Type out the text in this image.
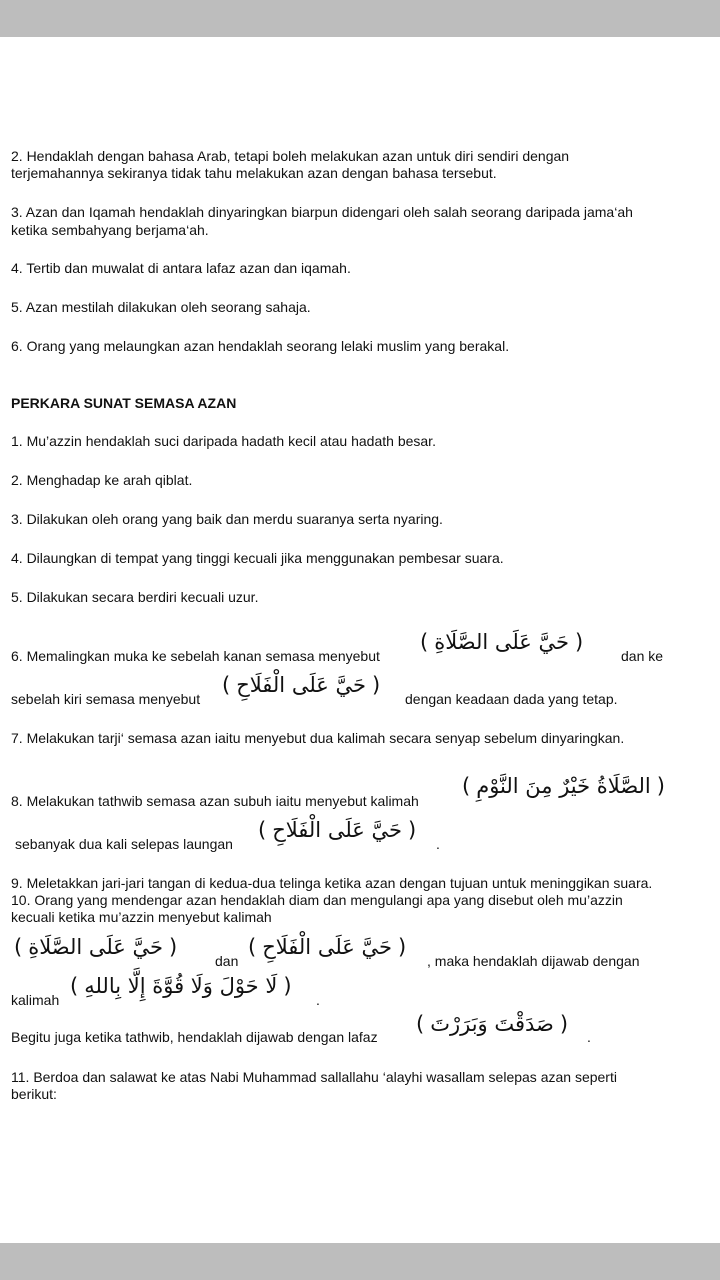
2. Hendaklah dengan bahasa Arab, tetapi boleh melakukan azan untuk diri sendiri dengan
terjemahannya sekiranya tidak tahu melakukan azan dengan bahasa tersebut.
3. Azan dan Iqamah hendaklah dinyaringkan biarpun didengari oleh salah seorang daripada jama‘ah
ketika sembahyang berjama‘ah.
4. Tertib dan muwalat di antara lafaz azan dan iqamah.
5. Azan mestilah dilakukan oleh seorang sahaja.
6. Orang yang melaungkan azan hendaklah seorang lelaki muslim yang berakal.
PERKARA SUNAT SEMASA AZAN
1. Mu’azzin hendaklah suci daripada hadath kecil atau hadath besar.
2. Menghadap ke arah qiblat.
3. Dilakukan oleh orang yang baik dan merdu suaranya serta nyaring.
4. Dilaungkan di tempat yang tinggi kecuali jika menggunakan pembesar suara.
5. Dilakukan secara berdiri kecuali uzur.
6. Memalingkan muka ke sebelah kanan semasa menyebut
( حَيَّ عَلَى الصَّلَاةِ )
dan ke
sebelah kiri semasa menyebut
( حَيَّ عَلَى الْفَلَاحِ )
dengan keadaan dada yang tetap.
7. Melakukan tarji‘ semasa azan iaitu menyebut dua kalimah secara senyap sebelum dinyaringkan.
8. Melakukan tathwib semasa azan subuh iaitu menyebut kalimah
( الصَّلَاةُ خَيْرٌ مِنَ النَّوْمِ )
sebanyak dua kali selepas laungan
( حَيَّ عَلَى الْفَلَاحِ )
.
9. Meletakkan jari-jari tangan di kedua-dua telinga ketika azan dengan tujuan untuk meninggikan suara.
10. Orang yang mendengar azan hendaklah diam dan mengulangi apa yang disebut oleh mu’azzin
kecuali ketika mu’azzin menyebut kalimah
( حَيَّ عَلَى الصَّلَاةِ )
dan
( حَيَّ عَلَى الْفَلَاحِ )
, maka hendaklah dijawab dengan
kalimah
( لَا حَوْلَ وَلَا قُوَّةَ إِلَّا بِاللهِ )
.
Begitu juga ketika tathwib, hendaklah dijawab dengan lafaz
( صَدَقْتَ وَبَرَرْتَ )
.
11. Berdoa dan salawat ke atas Nabi Muhammad sallallahu ‘alayhi wasallam selepas azan seperti
berikut:
